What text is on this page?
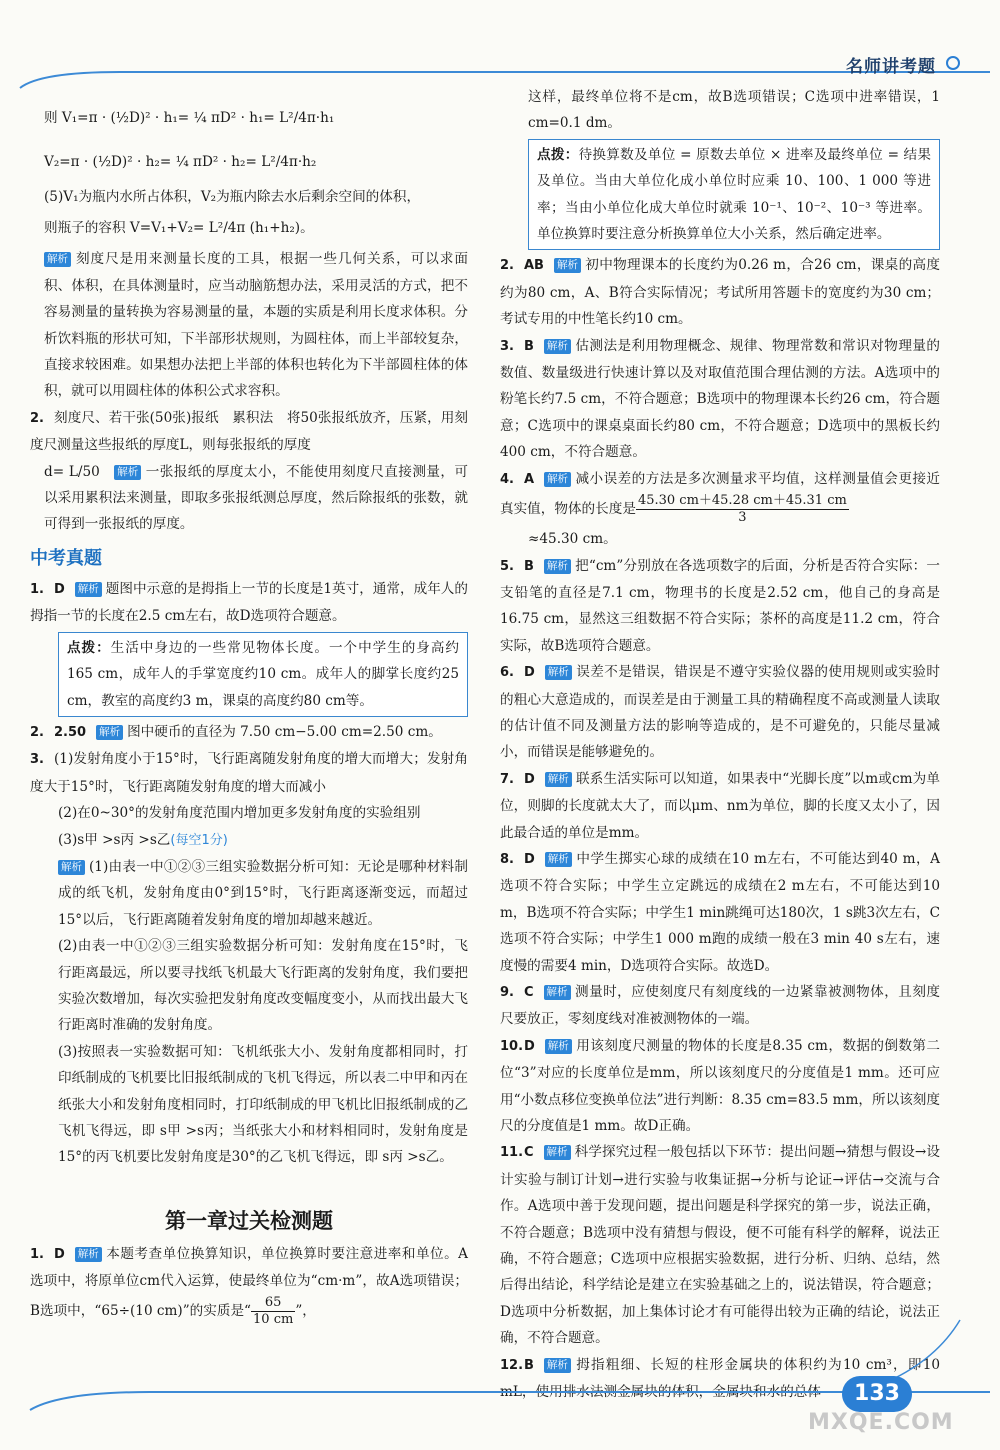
名师讲考题

则 V₁=π · (½D)² · h₁= ¼ πD² · h₁= L²/4π·h₁

V₂=π · (½D)² · h₂= ¼ πD² · h₂= L²/4π·h₂

(5)V₁为瓶内水所占体积，V₂为瓶内除去水后剩余空间的体积，

则瓶子的容积 V=V₁+V₂= L²/4π (h₁+h₂)。

解析 刻度尺是用来测量长度的工具，根据一些几何关系，可以求面积、体积，在具体测量时，应当动脑筋想办法，采用灵活的方式，把不容易测量的量转换为容易测量的量，本题的实质是利用长度求体积。分析饮料瓶的形状可知，下半部形状规则，为圆柱体，而上半部较复杂，直接求较困难。如果想办法把上半部的体积也转化为下半部圆柱体的体积，就可以用圆柱体的体积公式求容积。

2. 刻度尺、若干张(50张)报纸　累积法　将50张报纸放齐，压紧，用刻度尺测量这些报纸的厚度L，则每张报纸的厚度

d= L/50　 解析 一张报纸的厚度太小，不能使用刻度尺直接测量，可以采用累积法来测量，即取多张报纸测总厚度，然后除报纸的张数，就可得到一张报纸的厚度。

中考真题

1. D 解析 题图中示意的是拇指上一节的长度是1英寸，通常，成年人的拇指一节的长度在2.5 cm左右，故D选项符合题意。

点拨：生活中身边的一些常见物体长度。一个中学生的身高约165 cm，成年人的手掌宽度约10 cm。成年人的脚掌长度约25 cm，教室的高度约3 m，课桌的高度约80 cm等。

2. 2.50 解析 图中硬币的直径为 7.50 cm−5.00 cm=2.50 cm。

3. (1)发射角度小于15°时，飞行距离随发射角度的增大而增大；发射角度大于15°时，飞行距离随发射角度的增大而减小

(2)在0~30°的发射角度范围内增加更多发射角度的实验组别

(3)s甲 >s丙 >s乙(每空1分)

解析 (1)由表一中①②③三组实验数据分析可知：无论是哪种材料制成的纸飞机，发射角度由0°到15°时，飞行距离逐渐变远，而超过15°以后，飞行距离随着发射角度的增加却越来越近。

(2)由表一中①②③三组实验数据分析可知：发射角度在15°时，飞行距离最远，所以要寻找纸飞机最大飞行距离的发射角度，我们要把实验次数增加，每次实验把发射角度改变幅度变小，从而找出最大飞行距离时准确的发射角度。

(3)按照表一实验数据可知：飞机纸张大小、发射角度都相同时，打印纸制成的飞机要比旧报纸制成的飞机飞得远，所以表二中甲和丙在纸张大小和发射角度相同时，打印纸制成的甲飞机比旧报纸制成的乙飞机飞得远，即 s甲 >s丙；当纸张大小和材料相同时，发射角度是15°的丙飞机要比发射角度是30°的乙飞机飞得远，即 s丙 >s乙。

第一章过关检测题

1. D 解析 本题考查单位换算知识，单位换算时要注意进率和单位。A选项中，将原单位cm代入运算，使最终单位为“cm·m”，故A选项错误；B选项中，“65÷(10 cm)”的实质是“ $\frac{65}{10 cm}$ ”，

这样，最终单位将不是cm，故B选项错误；C选项中进率错误，1 cm=0.1 dm。

点拨：待换算数及单位 = 原数去单位 × 进率及最终单位 = 结果及单位。当由大单位化成小单位时应乘 10、100、1 000 等进率；当由小单位化成大单位时就乘 10⁻¹、10⁻²、10⁻³ 等进率。单位换算时要注意分析换算单位大小关系，然后确定进率。

2. AB 解析 初中物理课本的长度约为0.26 m，合26 cm，课桌的高度约为80 cm，A、B符合实际情况；考试所用答题卡的宽度约为30 cm；考试专用的中性笔长约10 cm。

3. B 解析 估测法是利用物理概念、规律、物理常数和常识对物理量的数值、数量级进行快速计算以及对取值范围合理估测的方法。A选项中的粉笔长约7.5 cm，不符合题意；B选项中的物理课本长约26 cm，符合题意；C选项中的课桌桌面长约80 cm，不符合题意；D选项中的黑板长约400 cm，不符合题意。

4. A 解析 减小误差的方法是多次测量求平均值，这样测量值会更接近真实值，物体的长度是 $\frac{45.30 cm+45.28 cm+45.31 cm}{3}$

≈45.30 cm。

5. B 解析 把“cm”分别放在各选项数字的后面，分析是否符合实际：一支铅笔的直径是7.1 cm，物理书的长度是2.52 cm，他自己的身高是16.75 cm，显然这三组数据不符合实际；茶杯的高度是11.2 cm，符合实际，故B选项符合题意。

6. D 解析 误差不是错误，错误是不遵守实验仪器的使用规则或实验时的粗心大意造成的，而误差是由于测量工具的精确程度不高或测量人读取的估计值不同及测量方法的影响等造成的，是不可避免的，只能尽量减小，而错误是能够避免的。

7. D 解析 联系生活实际可以知道，如果表中“光脚长度”以m或cm为单位，则脚的长度就太大了，而以μm、nm为单位，脚的长度又太小了，因此最合适的单位是mm。

8. D 解析 中学生掷实心球的成绩在10 m左右，不可能达到40 m，A选项不符合实际；中学生立定跳远的成绩在2 m左右，不可能达到10 m，B选项不符合实际；中学生1 min跳绳可达180次，1 s跳3次左右，C选项不符合实际；中学生1 000 m跑的成绩一般在3 min 40 s左右，速度慢的需要4 min，D选项符合实际。故选D。

9. C 解析 测量时，应使刻度尺有刻度线的一边紧靠被测物体，且刻度尺要放正，零刻度线对准被测物体的一端。

10.D 解析 用该刻度尺测量的物体的长度是8.35 cm，数据的倒数第二位“3”对应的长度单位是mm，所以该刻度尺的分度值是1 mm。还可应用“小数点移位变换单位法”进行判断：8.35 cm=83.5 mm，所以该刻度尺的分度值是1 mm。故D正确。

11.C 解析 科学探究过程一般包括以下环节：提出问题→猜想与假设→设计实验与制订计划→进行实验与收集证据→分析与论证→评估→交流与合作。A选项中善于发现问题，提出问题是科学探究的第一步，说法正确，不符合题意；B选项中没有猜想与假设，便不可能有科学的解释，说法正确，不符合题意；C选项中应根据实验数据，进行分析、归纳、总结，然后得出结论，科学结论是建立在实验基础之上的，说法错误，符合题意；D选项中分析数据，加上集体讨论才有可能得出较为正确的结论，说法正确，不符合题意。

12.B 解析 拇指粗细、长短的柱形金属块的体积约为10 cm³，即10 mL，使用排水法测金属块的体积，金属块和水的总体	133
MXQE.COM
